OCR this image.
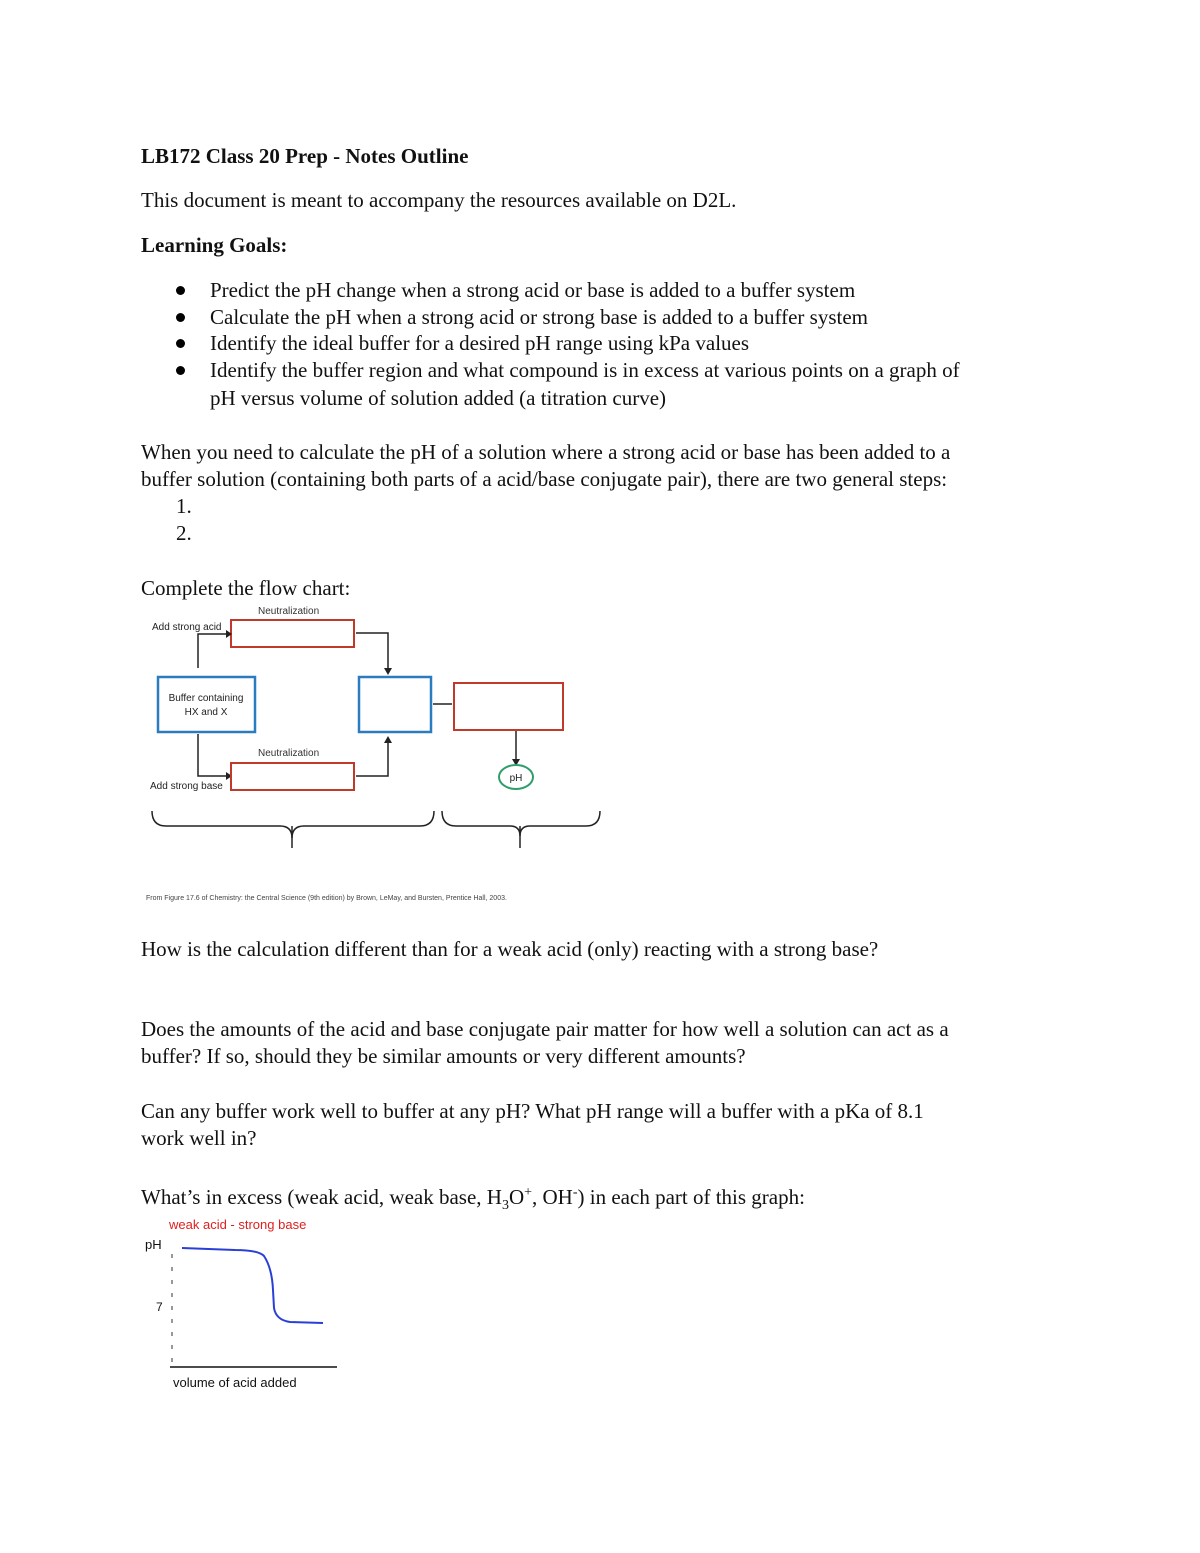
LB172 Class 20 Prep - Notes Outline
This document is meant to accompany the resources available on D2L.
Learning Goals:
Predict the pH change when a strong acid or base is added to a buffer system
Calculate the pH when a strong acid or strong base is added to a buffer system
Identify the ideal buffer for a desired pH range using kPa values
Identify the buffer region and what compound is in excess at various points on a graph of
pH versus volume of solution added (a titration curve)
When you need to calculate the pH of a solution where a strong acid or base has been added to a
buffer solution (containing both parts of a acid/base conjugate pair), there are two general steps:
1.
2.
Complete the flow chart:
Neutralization
Add strong acid
Buffer containing
HX and X
pH
Neutralization
Add strong base
From Figure 17.6 of Chemistry: the Central Science (9th edition) by Brown, LeMay, and Bursten, Prentice Hall, 2003.
How is the calculation different than for a weak acid (only) reacting with a strong base?
Does the amounts of the acid and base conjugate pair matter for how well a solution can act as a
buffer? If so, should they be similar amounts or very different amounts?
Can any buffer work well to buffer at any pH? What pH range will a buffer with a pKa of 8.1
work well in?
What’s in excess (weak acid, weak base, $H_3O^+$, OH-) in each part of this graph:
weak acid - strong base
pH
7
volume of acid added
